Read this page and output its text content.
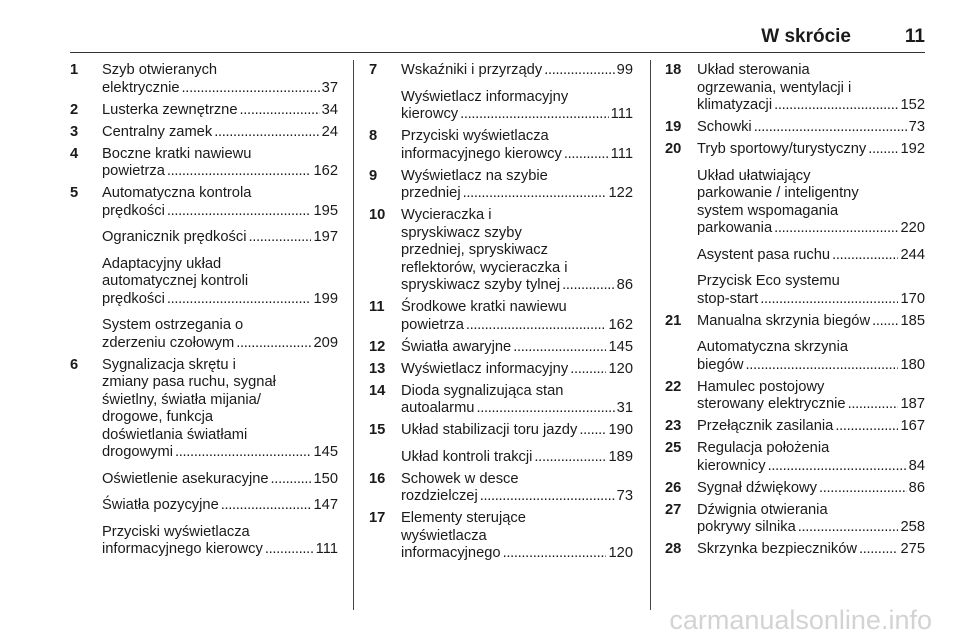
W skrócie	11
1 Szyb otwieranych
elektrycznie . . .	37
2 Lusterka zewnętrzne . . .	34
3 Centralny zamek . . .	24
4 Boczne kratki nawiewu
powietrza . . .	162
5 Automatyczna kontrola
prędkości . . .	195
Ogranicznik prędkości . . .	197
Adaptacyjny układ
automatycznej kontroli
prędkości . . .	199
System ostrzegania o
zderzeniu czołowym . . .	209
6 Sygnalizacja skrętu i
zmiany pasa ruchu, sygnał
świetlny, światła mijania/
drogowe, funkcja
doświetlania światłami
drogowymi . . .	145
Oświetlenie asekuracyjne . . .	150
Światła pozycyjne . . .	147
Przyciski wyświetlacza
informacyjnego kierowcy . . .	111
7 Wskaźniki i przyrządy . . .	99
Wyświetlacz informacyjny
kierowcy . . .	111
8 Przyciski wyświetlacza
informacyjnego kierowcy . . .	111
9 Wyświetlacz na szybie
przedniej . . .	122
10 Wycieraczka i
spryskiwacz szyby
przedniej, spryskiwacz
reflektorów, wycieraczka i
spryskiwacz szyby tylnej . . .	86
11 Środkowe kratki nawiewu
powietrza . . .	162
12 Światła awaryjne . . .	145
13 Wyświetlacz informacyjny . . .	120
14 Dioda sygnalizująca stan
autoalarmu . . .	31
15 Układ stabilizacji toru jazdy . . . 190
Układ kontroli trakcji . . .	189
16 Schowek w desce
rozdzielczej . . .	73
17 Elementy sterujące
wyświetlacza
informacyjnego . . .	120
18 Układ sterowania
ogrzewania, wentylacji i
klimatyzacji . . .	152
19 Schowki . . .	73
20 Tryb sportowy/turystyczny . . . 192
Układ ułatwiający
parkowanie / inteligentny
system wspomagania
parkowania . . .	220
Asystent pasa ruchu . . .	244
Przycisk Eco systemu
stop-start . . .	170
21 Manualna skrzynia biegów . . . 185
Automatyczna skrzynia
biegów . . .	180
22 Hamulec postojowy
sterowany elektrycznie . . .	187
23 Przełącznik zasilania . . .	167
25 Regulacja położenia
kierownicy . . .	84
26 Sygnał dźwiękowy . . .	86
27 Dźwignia otwierania
pokrywy silnika . . .	258
28 Skrzynka bezpieczników . . .	275
carmanualsonline.info
